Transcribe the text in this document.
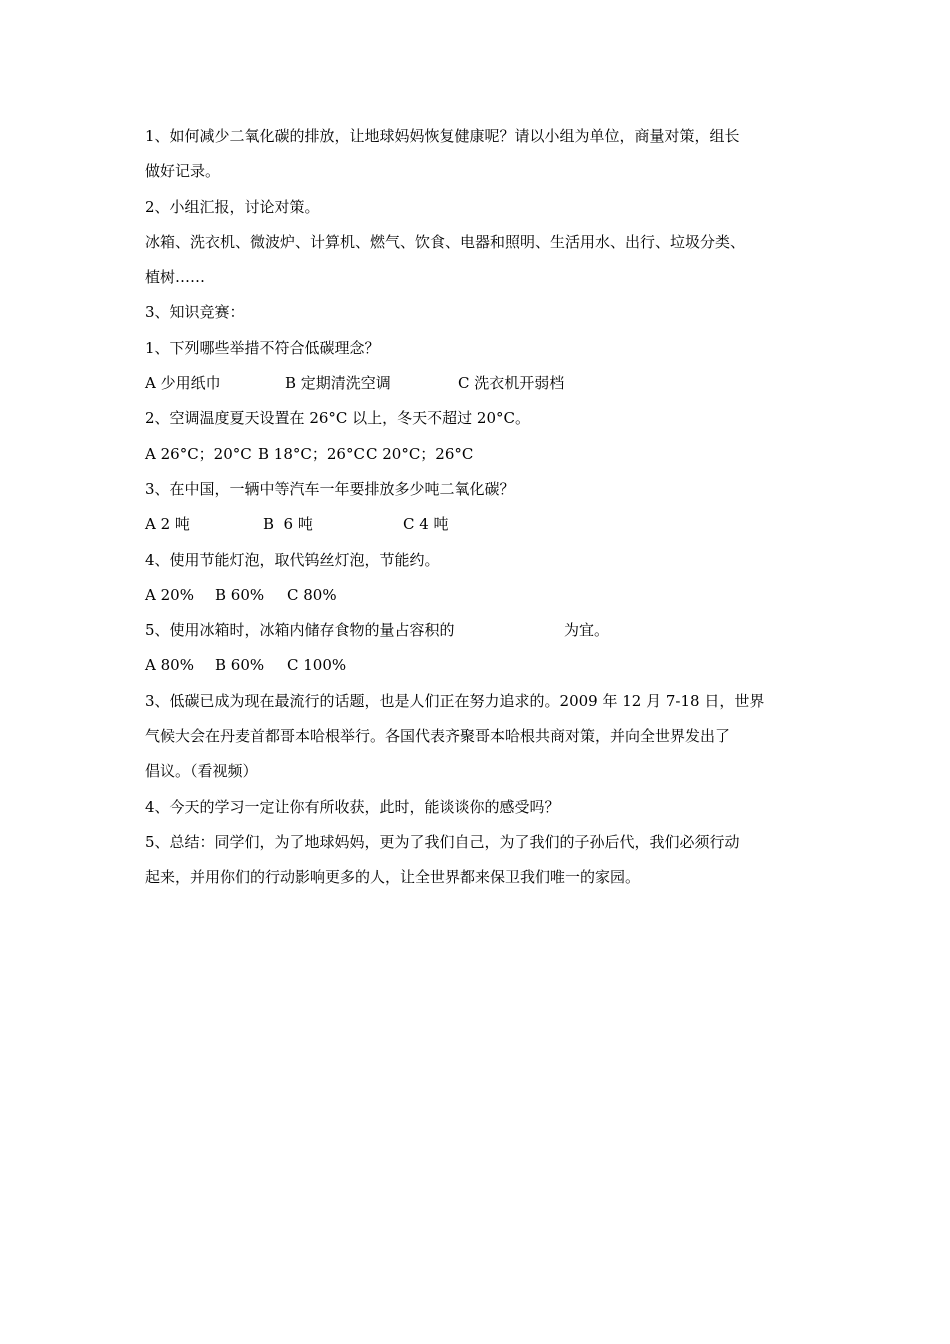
1、如何减少二氧化碳的排放，让地球妈妈恢复健康呢？请以小组为单位，商量对策，组长
做好记录。
2、小组汇报，讨论对策。
冰箱、洗衣机、微波炉、计算机、燃气、饮食、电器和照明、生活用水、出行、垃圾分类、
植树……
3、知识竞赛：
1、下列哪些举措不符合低碳理念？
A 少用纸巾	B 定期清洗空调	C 洗衣机开弱档
2、空调温度夏天设置在 26°C 以上，冬天不超过 20°C。
A 26°C；20°C B 18°C；26°CC 20°C；26°C
3、在中国，一辆中等汽车一年要排放多少吨二氧化碳？
A 2 吨	B  6 吨	C 4 吨
4、使用节能灯泡，取代钨丝灯泡，节能约。
A 20% B 60% C 80%
5、使用冰箱时，冰箱内储存食物的量占容积的	为宜。
A 80% B 60% C 100%
3、低碳已成为现在最流行的话题，也是人们正在努力追求的。2009 年 12 月 7-18 日，世界
气候大会在丹麦首都哥本哈根举行。各国代表齐聚哥本哈根共商对策，并向全世界发出了
倡议。（看视频）
4、今天的学习一定让你有所收获，此时，能谈谈你的感受吗？
5、总结：同学们，为了地球妈妈，更为了我们自己，为了我们的子孙后代，我们必须行动
起来，并用你们的行动影响更多的人，让全世界都来保卫我们唯一的家园。
